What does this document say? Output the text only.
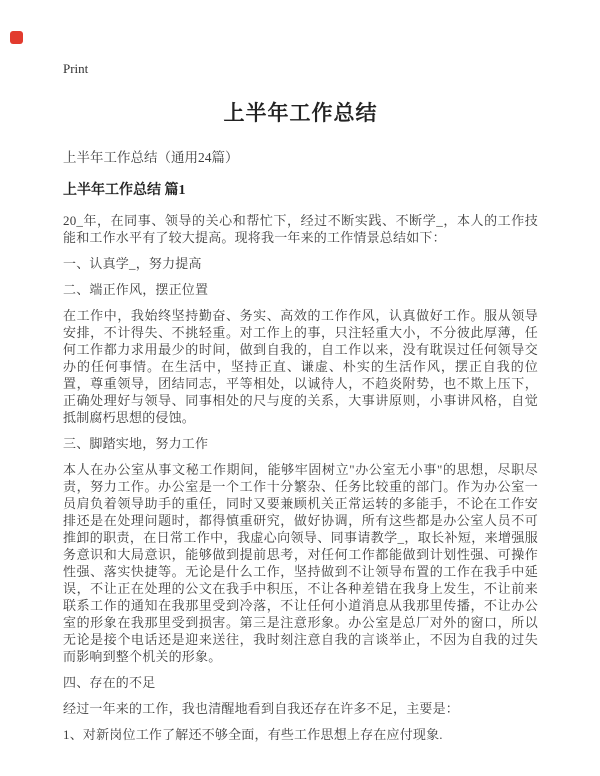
Print
上半年工作总结

上半年工作总结（通用24篇）

上半年工作总结 篇1

20_年，在同事、领导的关心和帮忙下，经过不断实践、不断学_，本人的工作技能和工作水平有了较大提高。现将我一年来的工作情景总结如下：

一、认真学_，努力提高

二、端正作风，摆正位置

在工作中，我始终坚持勤奋、务实、高效的工作作风，认真做好工作。服从领导安排，不计得失、不挑轻重。对工作上的事，只注轻重大小，不分彼此厚薄，任何工作都力求用最少的时间，做到自我的，自工作以来，没有耽误过任何领导交办的任何事情。在生活中，坚持正直、谦虚、朴实的生活作风，摆正自我的位置，尊重领导，团结同志，平等相处，以诚待人，不趋炎附势，也不欺上压下，正确处理好与领导、同事相处的尺与度的关系，大事讲原则，小事讲风格，自觉抵制腐朽思想的侵蚀。

三、脚踏实地，努力工作

本人在办公室从事文秘工作期间，能够牢固树立"办公室无小事"的思想，尽职尽责，努力工作。办公室是一个工作十分繁杂、任务比较重的部门。作为办公室一员肩负着领导助手的重任，同时又要兼顾机关正常运转的多能手，不论在工作安排还是在处理问题时，都得慎重研究，做好协调，所有这些都是办公室人员不可推卸的职责，在日常工作中，我虚心向领导、同事请教学_，取长补短，来增强服务意识和大局意识，能够做到提前思考，对任何工作都能做到计划性强、可操作性强、落实快捷等。无论是什么工作，坚持做到不让领导布置的工作在我手中延误，不让正在处理的公文在我手中积压，不让各种差错在我身上发生，不让前来联系工作的通知在我那里受到冷落，不让任何小道消息从我那里传播，不让办公室的形象在我那里受到损害。第三是注意形象。办公室是总厂对外的窗口，所以无论是接个电话还是迎来送往，我时刻注意自我的言谈举止，不因为自我的过失而影响到整个机关的形象。

四、存在的不足

经过一年来的工作，我也清醒地看到自我还存在许多不足，主要是：

1、对新岗位工作了解还不够全面，有些工作思想上存在应付现象.
